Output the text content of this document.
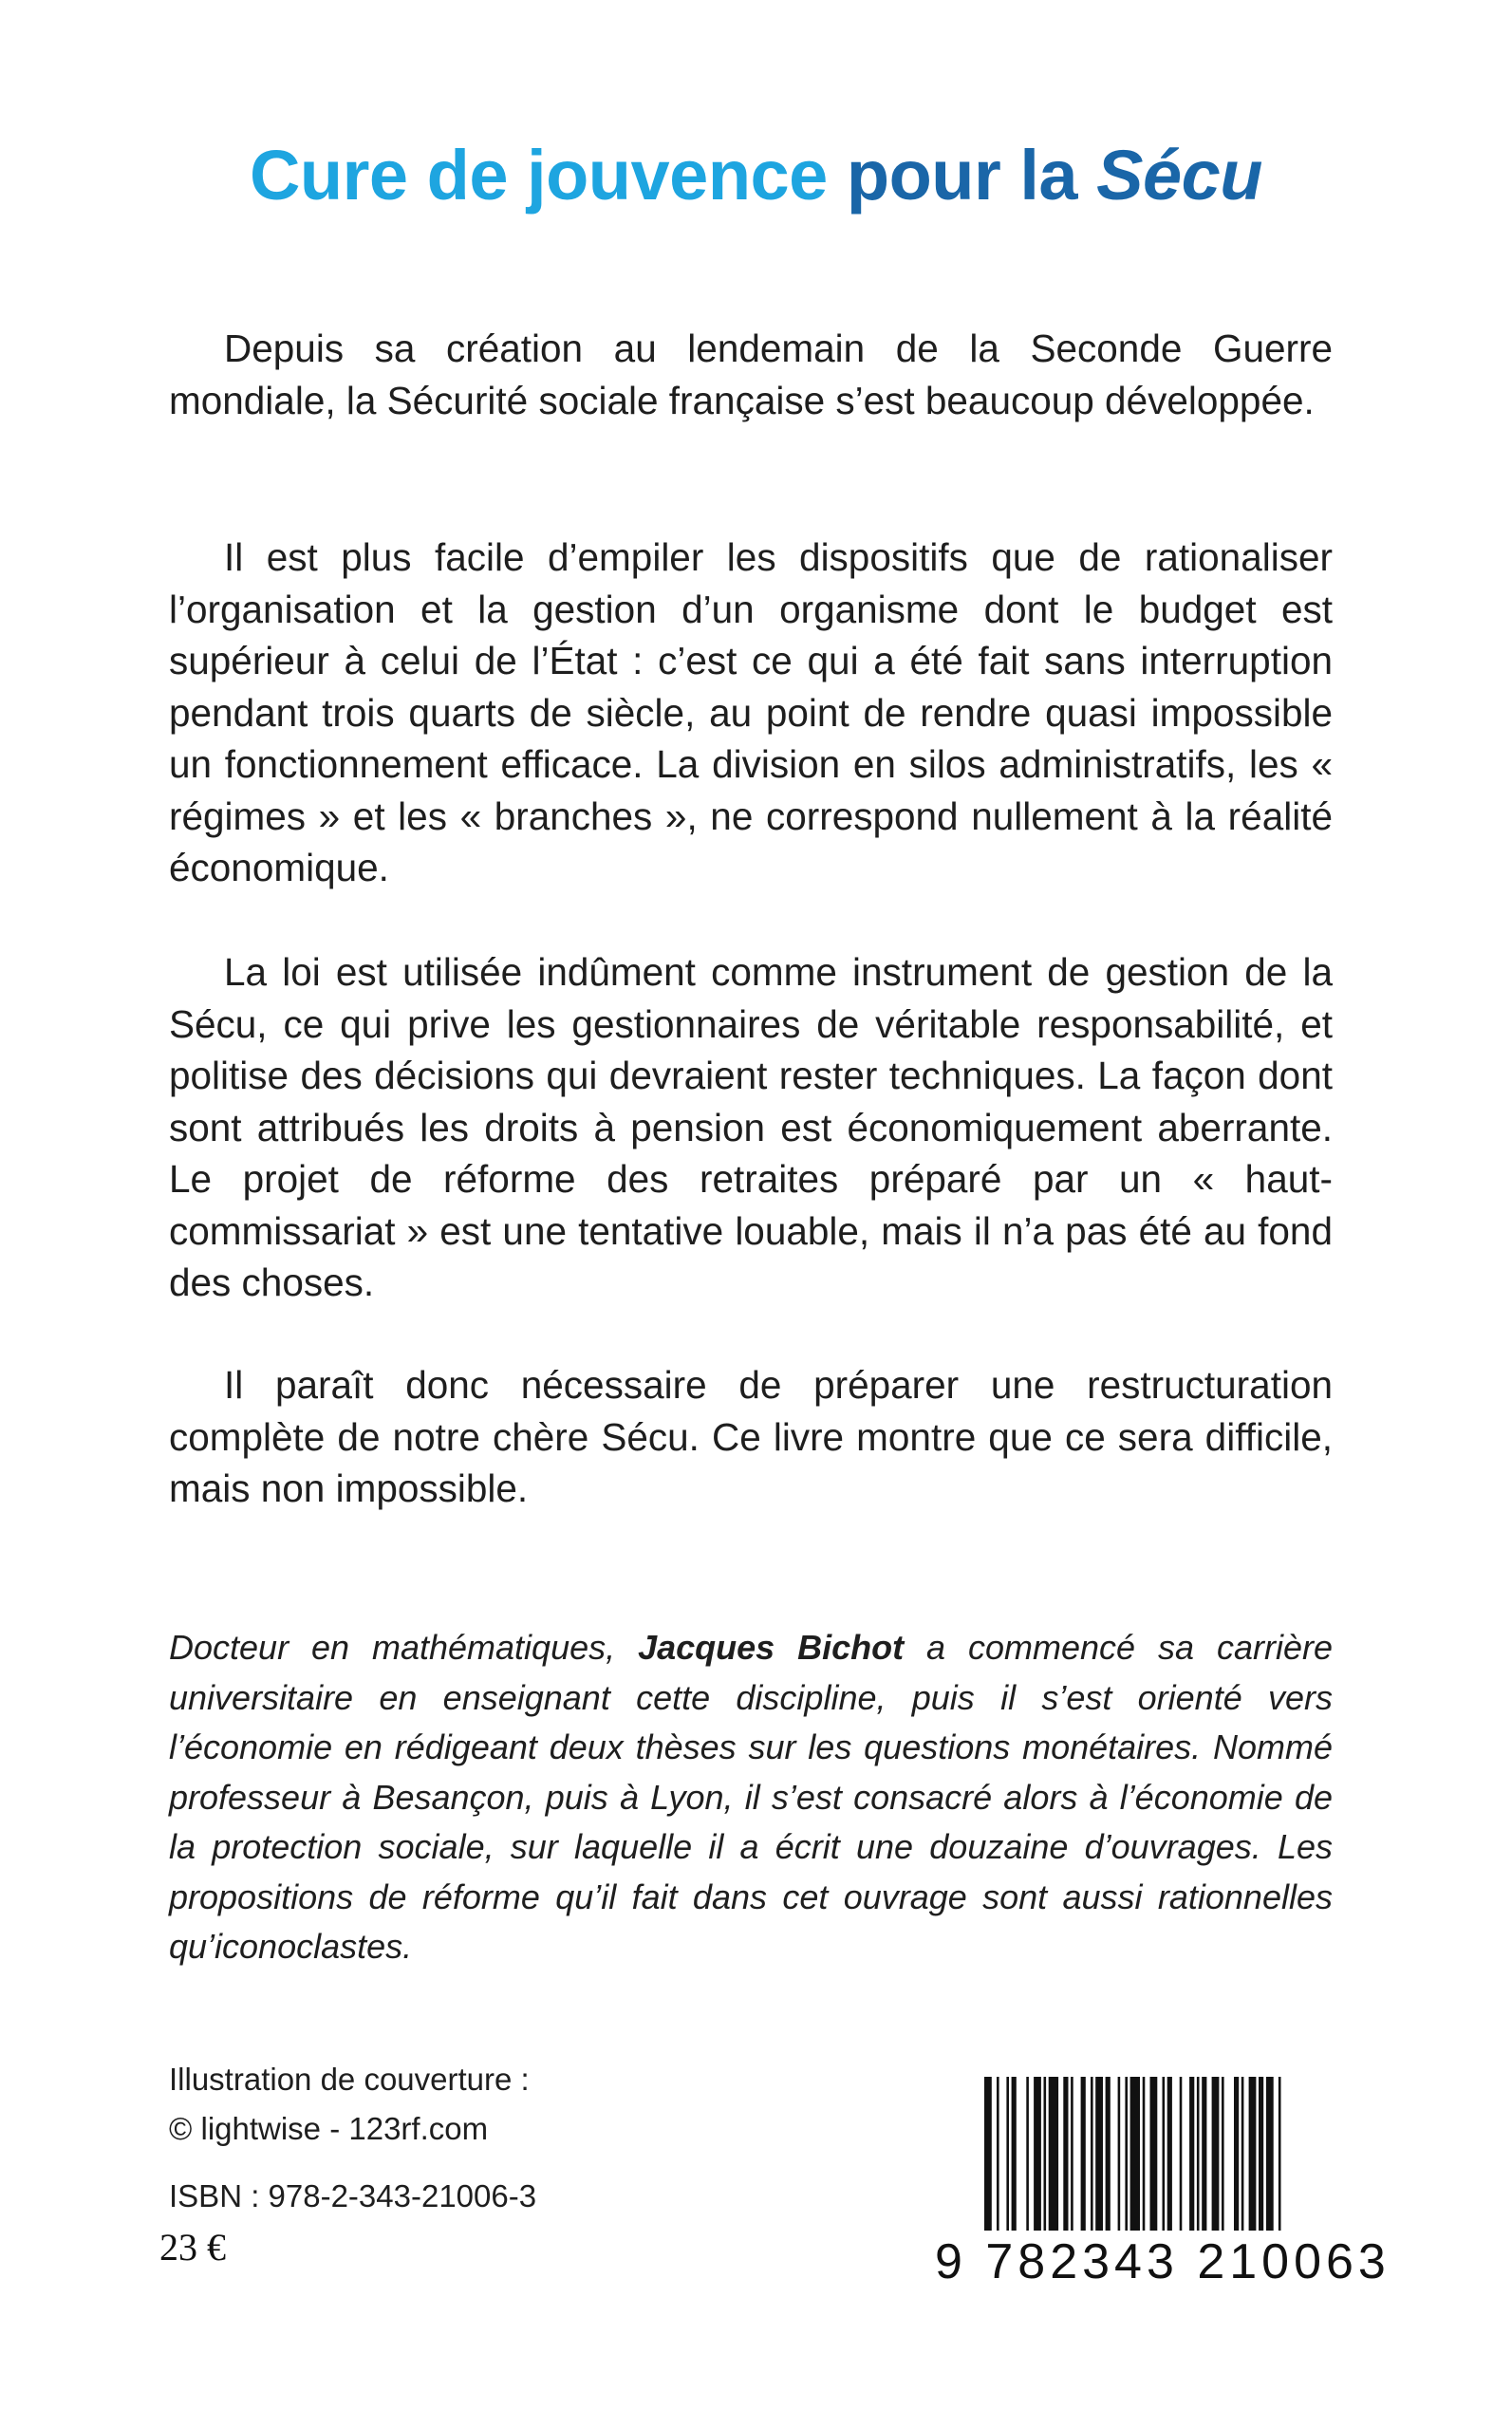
Cure de jouvence pour la Sécu

Depuis sa création au lendemain de la Seconde Guerre mondiale, la Sécurité sociale française s’est beaucoup développée.

Il est plus facile d’empiler les dispositifs que de rationaliser l’organisation et la gestion d’un organisme dont le budget est supérieur à celui de l’État : c’est ce qui a été fait sans interruption pendant trois quarts de siècle, au point de rendre quasi impossible un fonctionnement efficace. La division en silos administratifs, les « régimes » et les « branches », ne correspond nullement à la réalité économique.

La loi est utilisée indûment comme instrument de gestion de la Sécu, ce qui prive les gestionnaires de véritable responsabilité, et politise des décisions qui devraient rester techniques. La façon dont sont attribués les droits à pension est économiquement aberrante. Le projet de réforme des retraites préparé par un « haut-commissariat » est une tentative louable, mais il n’a pas été au fond des choses.

Il paraît donc nécessaire de préparer une restructuration complète de notre chère Sécu. Ce livre montre que ce sera difficile, mais non impossible.

Docteur en mathématiques, Jacques Bichot a commencé sa carrière universitaire en enseignant cette discipline, puis il s’est orienté vers l’économie en rédigeant deux thèses sur les questions monétaires. Nommé professeur à Besançon, puis à Lyon, il s’est consacré alors à l’économie de la protection sociale, sur laquelle il a écrit une douzaine d’ouvrages. Les propositions de réforme qu’il fait dans cet ouvrage sont aussi rationnelles qu’iconoclastes.
Illustration de couverture :
© lightwise - 123rf.com
ISBN : 978-2-343-21006-3
23 €	9 782343 210063
